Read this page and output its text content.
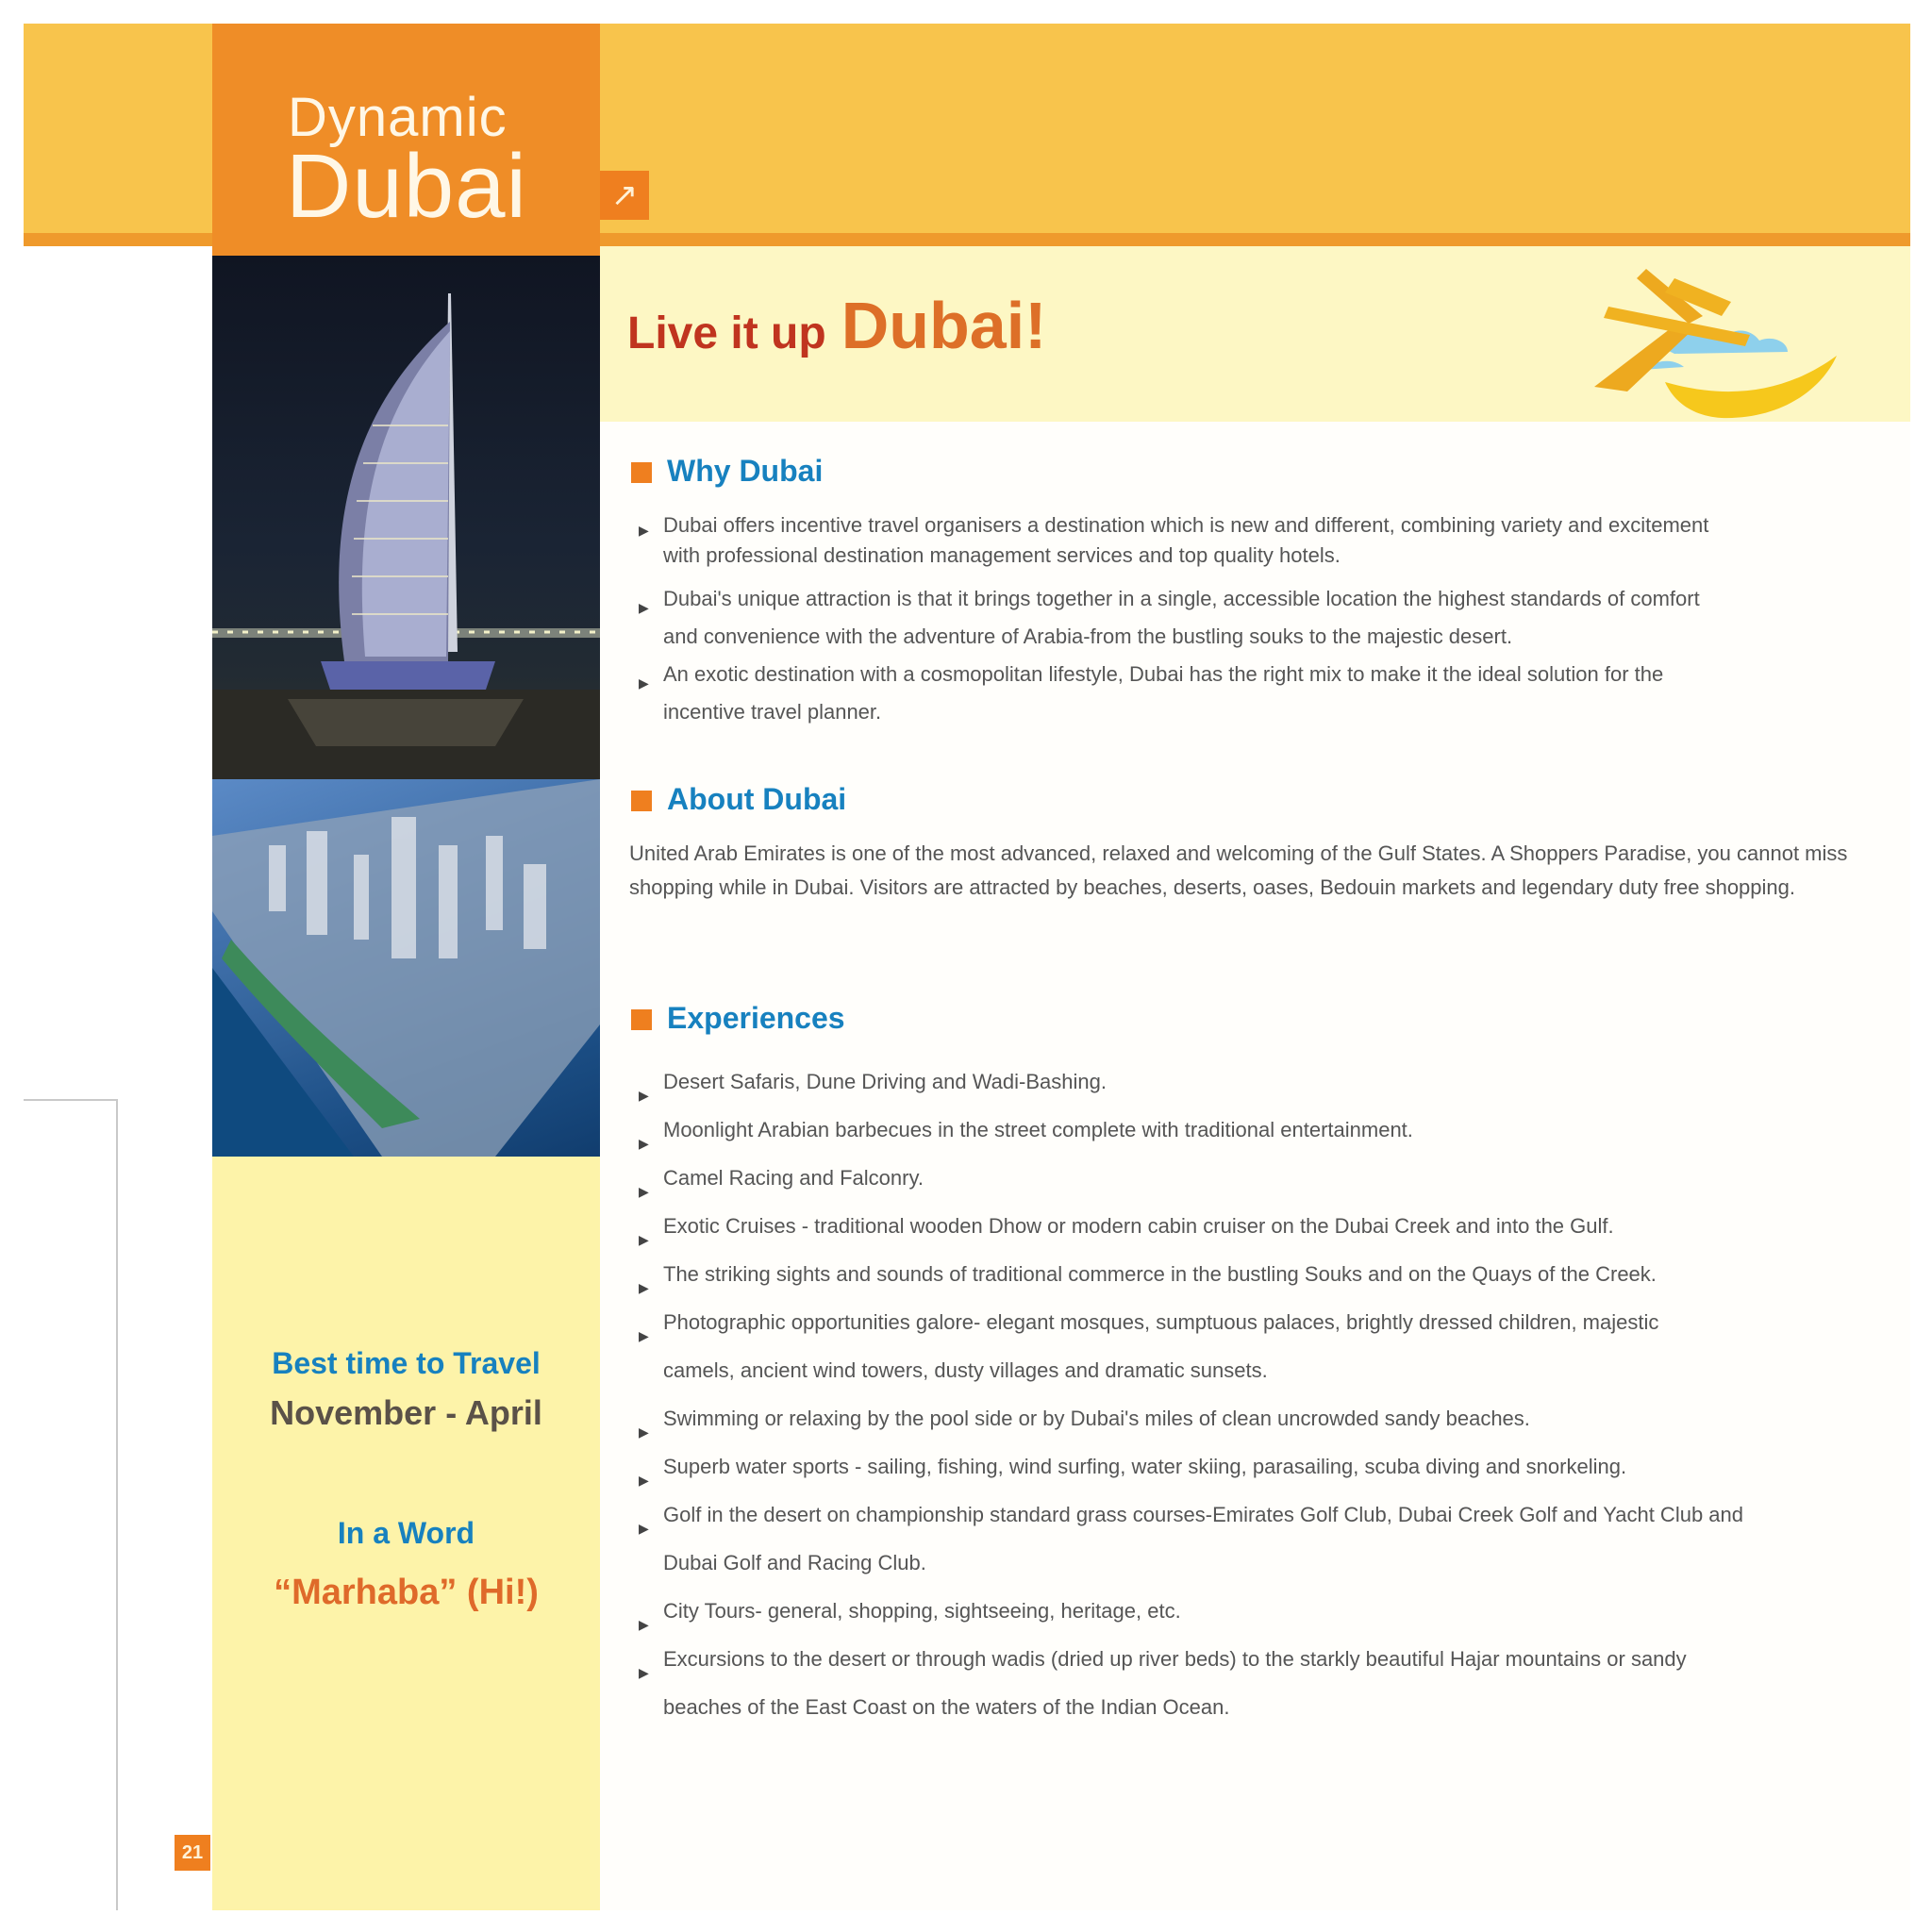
Dynamic
Dubai	↗
Live it up Dubai!
Why Dubai
▶ Dubai offers incentive travel organisers a destination which is new and different, combining variety and excitement
with professional destination management services and top quality hotels.
▶ Dubai's unique attraction is that it brings together in a single, accessible location the highest standards of comfort
and convenience with the adventure of Arabia-from the bustling souks to the majestic desert.
▶ An exotic destination with a cosmopolitan lifestyle, Dubai has the right mix to make it the ideal solution for the
incentive travel planner.
About Dubai

United Arab Emirates is one of the most advanced, relaxed and welcoming of the Gulf States. A Shoppers Paradise, you cannot miss shopping while in Dubai. Visitors are attracted by beaches, deserts, oases, Bedouin markets and legendary duty free shopping.

Experiences
▶
Desert Safaris, Dune Driving and Wadi-Bashing.
▶
Moonlight Arabian barbecues in the street complete with traditional entertainment.
▶
Camel Racing and Falconry.
▶
Exotic Cruises - traditional wooden Dhow or modern cabin cruiser on the Dubai Creek and into the Gulf.
▶
The striking sights and sounds of traditional commerce in the bustling Souks and on the Quays of the Creek.
▶
Photographic opportunities galore- elegant mosques, sumptuous palaces, brightly dressed children, majestic
camels, ancient wind towers, dusty villages and dramatic sunsets.
▶
Swimming or relaxing by the pool side or by Dubai's miles of clean uncrowded sandy beaches.
▶
Superb water sports - sailing, fishing, wind surfing, water skiing, parasailing, scuba diving and snorkeling.
▶
Golf in the desert on championship standard grass courses-Emirates Golf Club, Dubai Creek Golf and Yacht Club and
Dubai Golf and Racing Club.
▶
City Tours- general, shopping, sightseeing, heritage, etc.
▶
Excursions to the desert or through wadis (dried up river beds) to the starkly beautiful Hajar mountains or sandy
beaches of the East Coast on the waters of the Indian Ocean.
Best time to Travel
November - April
In a Word
“Marhaba” (Hi!)
21
